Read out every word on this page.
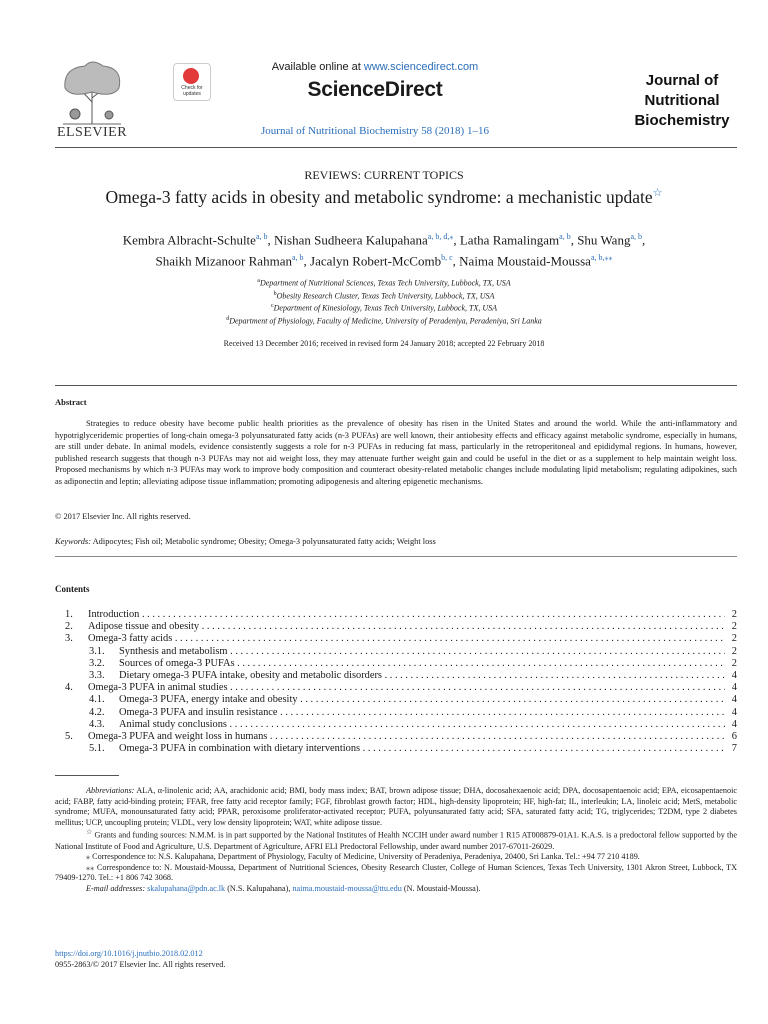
ELSEVIER
Check for updates
Available online at www.sciencedirect.com
ScienceDirect
Journal of Nutritional Biochemistry 58 (2018) 1–16
Journal of
Nutritional
Biochemistry
REVIEWS: CURRENT TOPICS
Omega-3 fatty acids in obesity and metabolic syndrome: a mechanistic update☆
Kembra Albracht-Schulte$^{a, b}$, Nishan Sudheera Kalupahana$^{a, b, d,⁎}$, Latha Ramalingam$^{a, b}$, Shu Wang$^{a, b}$,
Shaikh Mizanoor Rahman$^{a, b}$, Jacalyn Robert-McComb$^{b, c}$, Naima Moustaid-Moussa$^{a, b,⁎⁎}$
$^a$Department of Nutritional Sciences, Texas Tech University, Lubbock, TX, USA
$^b$Obesity Research Cluster, Texas Tech University, Lubbock, TX, USA
$^c$Department of Kinesiology, Texas Tech University, Lubbock, TX, USA
$^d$Department of Physiology, Faculty of Medicine, University of Peradeniya, Peradeniya, Sri Lanka
Received 13 December 2016; received in revised form 24 January 2018; accepted 22 February 2018
Abstract

Strategies to reduce obesity have become public health priorities as the prevalence of obesity has risen in the United States and around the world. While the anti-inflammatory and hypotriglyceridemic properties of long-chain omega-3 polyunsaturated fatty acids (n-3 PUFAs) are well known, their antiobesity effects and efficacy against metabolic syndrome, especially in humans, are still under debate. In animal models, evidence consistently suggests a role for n-3 PUFAs in reducing fat mass, particularly in the retroperitoneal and epididymal regions. In humans, however, published research suggests that though n-3 PUFAs may not aid weight loss, they may attenuate further weight gain and could be useful in the diet or as a supplement to help maintain weight loss. Proposed mechanisms by which n-3 PUFAs may work to improve body composition and counteract obesity-related metabolic changes include modulating lipid metabolism; regulating adipokines, such as adiponectin and leptin; alleviating adipose tissue inflammation; promoting adipogenesis and altering epigenetic mechanisms.

© 2017 Elsevier Inc. All rights reserved.
Keywords: Adipocytes; Fish oil; Metabolic syndrome; Obesity; Omega-3 polyunsaturated fatty acids; Weight loss
Contents
1. Introduction . . .	2
2. Adipose tissue and obesity . . .	2
3. Omega-3 fatty acids . . .	2
3.1. Synthesis and metabolism . . .	2
3.2. Sources of omega-3 PUFAs . . .	2
3.3. Dietary omega-3 PUFA intake, obesity and metabolic disorders . . .	4
4. Omega-3 PUFA in animal studies . . .	4
4.1. Omega-3 PUFA, energy intake and obesity . . .	4
4.2. Omega-3 PUFA and insulin resistance . . .	4
4.3. Animal study conclusions . . .	4
5. Omega-3 PUFA and weight loss in humans . . .	6
5.1. Omega-3 PUFA in combination with dietary interventions . . .	7

Abbreviations: ALA, α-linolenic acid; AA, arachidonic acid; BMI, body mass index; BAT, brown adipose tissue; DHA, docosahexaenoic acid; DPA, docosapentaenoic acid; EPA, eicosapentaenoic acid; FABP, fatty acid-binding protein; FFAR, free fatty acid receptor family; FGF, fibroblast growth factor; HDL, high-density lipoprotein; HF, high-fat; IL, interleukin; LA, linoleic acid; MetS, metabolic syndrome; MUFA, monounsaturated fatty acid; PPAR, peroxisome proliferator-activated receptor; PUFA, polyunsaturated fatty acid; SFA, saturated fatty acid; TG, triglycerides; T2DM, type 2 diabetes mellitus; UCP, uncoupling protein; VLDL, very low density lipoprotein; WAT, white adipose tissue.

☆ Grants and funding sources: N.M.M. is in part supported by the National Institutes of Health NCCIH under award number 1 R15 AT008879-01A1. K.A.S. is a predoctoral fellow supported by the National Institute of Food and Agriculture, U.S. Department of Agriculture, AFRI ELI Predoctoral Fellowship, under award number 2017-67011-26029.

⁎ Correspondence to: N.S. Kalupahana, Department of Physiology, Faculty of Medicine, University of Peradeniya, Peradeniya, 20400, Sri Lanka. Tel.: +94 77 210 4189.

⁎⁎ Correspondence to: N. Moustaid-Moussa, Department of Nutritional Sciences, Obesity Research Cluster, College of Human Sciences, Texas Tech University, 1301 Akron Street, Lubbock, TX 79409-1270. Tel.: +1 806 742 3068.

E-mail addresses: skalupahana@pdn.ac.lk (N.S. Kalupahana), naima.moustaid-moussa@ttu.edu (N. Moustaid-Moussa).

https://doi.org/10.1016/j.jnutbio.2018.02.012
0955-2863/© 2017 Elsevier Inc. All rights reserved.
